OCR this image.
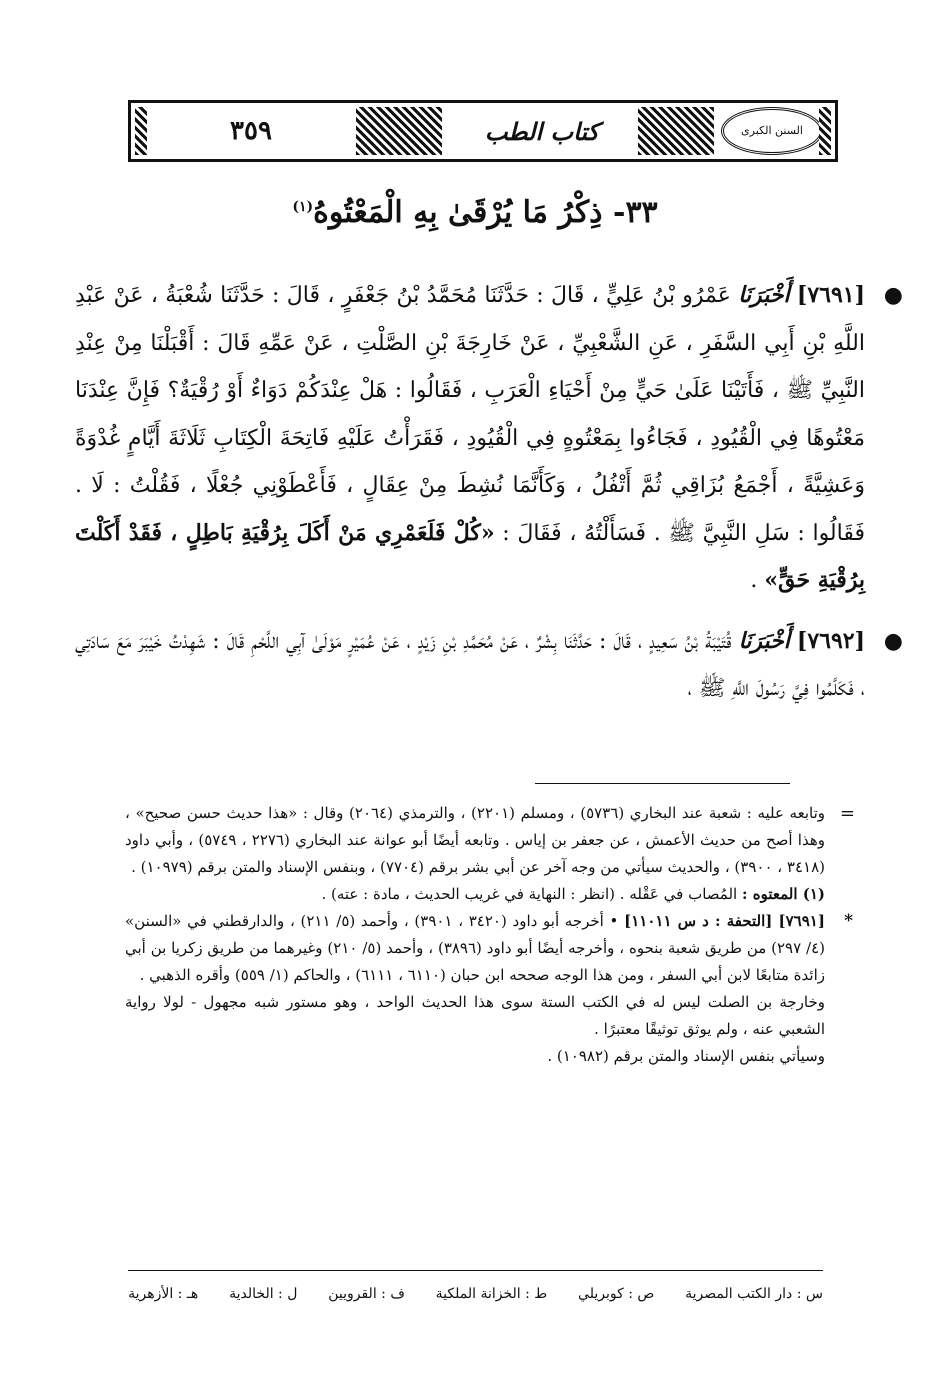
٣٥٩	كتاب الطب	السنن الكبرى
٣٣- ذِكْرُ مَا يُرْقَىٰ بِهِ الْمَعْتُوهُ$^{(١)}$

●
[٧٦٩١] أَخْبَرَنَا عَمْرُو بْنُ عَلِيٍّ ، قَالَ : حَدَّثَنَا مُحَمَّدُ بْنُ جَعْفَرٍ ، قَالَ : حَدَّثَنَا شُعْبَةُ ، عَنْ عَبْدِ اللَّهِ بْنِ أَبِي السَّفَرِ ، عَنِ الشَّعْبِيِّ ، عَنْ خَارِجَةَ بْنِ الصَّلْتِ ، عَنْ عَمِّهِ قَالَ : أَقْبَلْنَا مِنْ عِنْدِ النَّبِيِّ ﷺ ، فَأَتَيْنَا عَلَىٰ حَيٍّ مِنْ أَحْيَاءِ الْعَرَبِ ، فَقَالُوا : هَلْ عِنْدَكُمْ دَوَاءٌ أَوْ رُقْيَةٌ؟ فَإِنَّ عِنْدَنَا مَعْتُوهًا فِي الْقُيُودِ ، فَجَاءُوا بِمَعْتُوهٍ فِي الْقُيُودِ ، فَقَرَأْتُ عَلَيْهِ فَاتِحَةَ الْكِتَابِ ثَلَاثَةَ أَيَّامٍ غُدْوَةً وَعَشِيَّةً ، أَجْمَعُ بُزَاقِي ثُمَّ أَتْفُلُ ، وَكَأَنَّمَا نُشِطَ مِنْ عِقَالٍ ، فَأَعْطَوْنِي جُعْلًا ، فَقُلْتُ : لَا . فَقَالُوا : سَلِ النَّبِيَّ ﷺ . فَسَأَلْتُهُ ، فَقَالَ : «كُلْ فَلَعَمْرِي مَنْ أَكَلَ بِرُقْيَةِ بَاطِلٍ ، فَقَدْ أَكَلْتَ بِرُقْيَةِ حَقٍّ» .

●
[٧٦٩٢] أَخْبَرَنَا قُتَيْبَةُ بْنُ سَعِيدٍ ، قَالَ : حَدَّثَنَا بِشْرٌ ، عَنْ مُحَمَّدِ بْنِ زَيْدٍ ، عَنْ عُمَيْرٍ مَوْلَىٰ آبِي اللَّحْمِ قَالَ : شَهِدْتُ خَيْبَرَ مَعَ سَادَتِي ، فَكَلَّمُوا فِيَّ رَسُولَ اللَّهِ ﷺ ،

=
وتابعه عليه : شعبة عند البخاري (٥٧٣٦) ، ومسلم (٢٢٠١) ، والترمذي (٢٠٦٤) وقال : «هذا حديث حسن صحيح» ، وهذا أصح من حديث الأعمش ، عن جعفر بن إياس . وتابعه أيضًا أبو عوانة عند البخاري (٢٢٧٦ ، ٥٧٤٩) ، وأبي داود (٣٤١٨ ، ٣٩٠٠) ، والحديث سيأتي من وجه آخر عن أبي بشر برقم (٧٧٠٤) ، وبنفس الإسناد والمتن برقم (١٠٩٧٩) .

(١) المعتوه : المُصاب في عَقْله . (انظر : النهاية في غريب الحديث ، مادة : عته) .

*
[٧٦٩١] [التحفة : د س ١١٠١١] • أخرجه أبو داود (٣٤٢٠ ، ٣٩٠١) ، وأحمد (٥/ ٢١١) ، والدارقطني في «السنن» (٤/ ٢٩٧) من طريق شعبة بنحوه ، وأخرجه أيضًا أبو داود (٣٨٩٦) ، وأحمد (٥/ ٢١٠) وغيرهما من طريق زكريا بن أبي زائدة متابعًا لابن أبي السفر ، ومن هذا الوجه صححه ابن حبان (٦١١٠ ، ٦١١١) ، والحاكم (١/ ٥٥٩) وأقره الذهبي .

وخارجة بن الصلت ليس له في الكتب الستة سوى هذا الحديث الواحد ، وهو مستور شبه مجهول - لولا رواية الشعبي عنه ، ولم يوثق توثيقًا معتبرًا .

وسيأتي بنفس الإسناد والمتن برقم (١٠٩٨٢) .

س : دار الكتب المصرية
ص : كوبريلي
ط : الخزانة الملكية
ف : القرويين
ل : الخالدية
هـ : الأزهرية
